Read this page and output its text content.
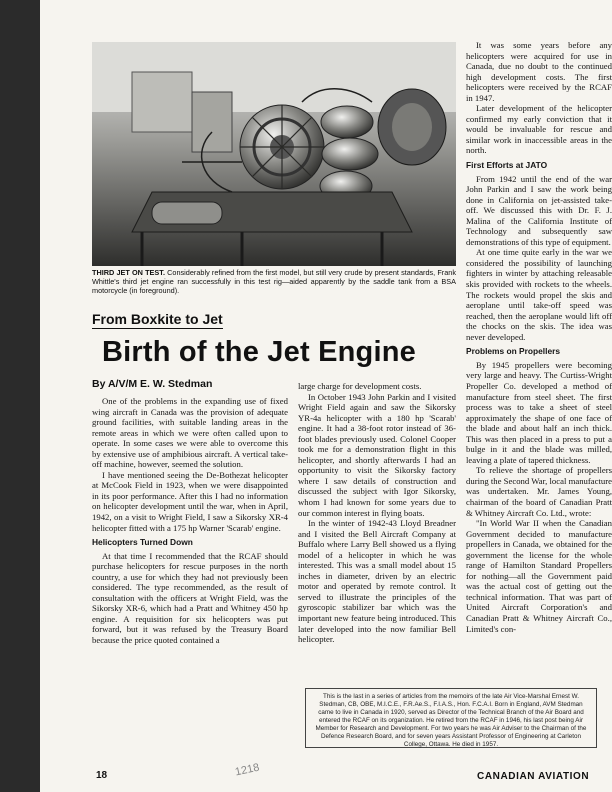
THIRD JET ON TEST. Considerably refined from the first model, but still very crude by present standards, Frank Whittle's third jet engine ran successfully in this test rig—aided apparently by the saddle tank from a BSA motorcycle (in foreground).
From Boxkite to Jet
Birth of the Jet Engine
By A/V/M E. W. Stedman

One of the problems in the expanding use of fixed wing aircraft in Canada was the provision of adequate ground facilities, with suitable landing areas in the remote areas in which we were often called upon to operate. In some cases we were able to overcome this by extensive use of amphibious aircraft. A vertical take-off machine, however, seemed the solution.

I have mentioned seeing the De-Bothezat helicopter at McCook Field in 1923, when we were disappointed in its poor performance. After this I had no information on helicopter development until the war, when in April, 1942, on a visit to Wright Field, I saw a Sikorsky XR-4 helicopter fitted with a 175 hp Warner 'Scarab' engine.

Helicopters Turned Down

At that time I recommended that the RCAF should purchase helicopters for rescue purposes in the north country, a use for which they had not previously been considered. The type recommended, as the result of consultation with the officers at Wright Field, was the Sikorsky XR-6, which had a Pratt and Whitney 450 hp engine. A requisition for six helicopters was put forward, but it was refused by the Treasury Board because the price quoted contained a

large charge for development costs.

In October 1943 John Parkin and I visited Wright Field again and saw the Sikorsky YR-4a helicopter with a 180 hp 'Scarab' engine. It had a 38-foot rotor instead of 36-foot blades previously used. Colonel Cooper took me for a demonstration flight in this helicopter, and shortly afterwards I had an opportunity to visit the Sikorsky factory where I saw details of construction and discussed the subject with Igor Sikorsky, whom I had known for some years due to our common interest in flying boats.

In the winter of 1942-43 Lloyd Breadner and I visited the Bell Aircraft Company at Buffalo where Larry Bell showed us a flying model of a helicopter in which he was interested. This was a small model about 15 inches in diameter, driven by an electric motor and operated by remote control. It served to illustrate the principles of the gyroscopic stabilizer bar which was the important new feature being introduced. This later developed into the now familiar Bell helicopter.

It was some years before any helicopters were acquired for use in Canada, due no doubt to the continued high development costs. The first helicopters were received by the RCAF in 1947.

Later development of the helicopter confirmed my early conviction that it would be invaluable for rescue and similar work in inaccessible areas in the north.

First Efforts at JATO

From 1942 until the end of the war John Parkin and I saw the work being done in California on jet-assisted take-off. We discussed this with Dr. F. J. Malina of the California Institute of Technology and subsequently saw demonstrations of this type of equipment.

At one time quite early in the war we considered the possibility of launching fighters in winter by attaching releasable skis provided with rockets to the wheels. The rockets would propel the skis and aeroplane until take-off speed was reached, then the aeroplane would lift off the chocks on the skis. The idea was never developed.

Problems on Propellers

By 1945 propellers were becoming very large and heavy. The Curtiss-Wright Propeller Co. developed a method of manufacture from steel sheet. The first process was to take a sheet of steel approximately the shape of one face of the blade and about half an inch thick. This was then placed in a press to put a bulge in it and the blade was milled, leaving a plate of tapered thickness.

To relieve the shortage of propellers during the Second War, local manufacture was undertaken. Mr. James Young, chairman of the board of Canadian Pratt & Whitney Aircraft Co. Ltd., wrote:

"In World War II when the Canadian Government decided to manufacture propellers in Canada, we obtained for the government the license for the whole range of Hamilton Standard Propellers for nothing—all the Government paid was the actual cost of getting out the technical information. That was part of United Aircraft Corporation's and Canadian Pratt & Whitney Aircraft Co., Limited's con-

This is the last in a series of articles from the memoirs of the late Air Vice-Marshal Ernest W. Stedman, CB, OBE, M.I.C.E., F.R.Ae.S., F.I.A.S., Hon. F.C.A.I. Born in England, AVM Stedman came to live in Canada in 1920, served as Director of the Technical Branch of the Air Board and entered the RCAF on its organization. He retired from the RCAF in 1946, his last post being Air Member for Research and Development. For two years he was Air Adviser to the Chairman of the Defence Research Board, and for seven years Assistant Professor of Engineering at Carleton College, Ottawa. He died in 1957.
18	1218	CANADIAN AVIATION
